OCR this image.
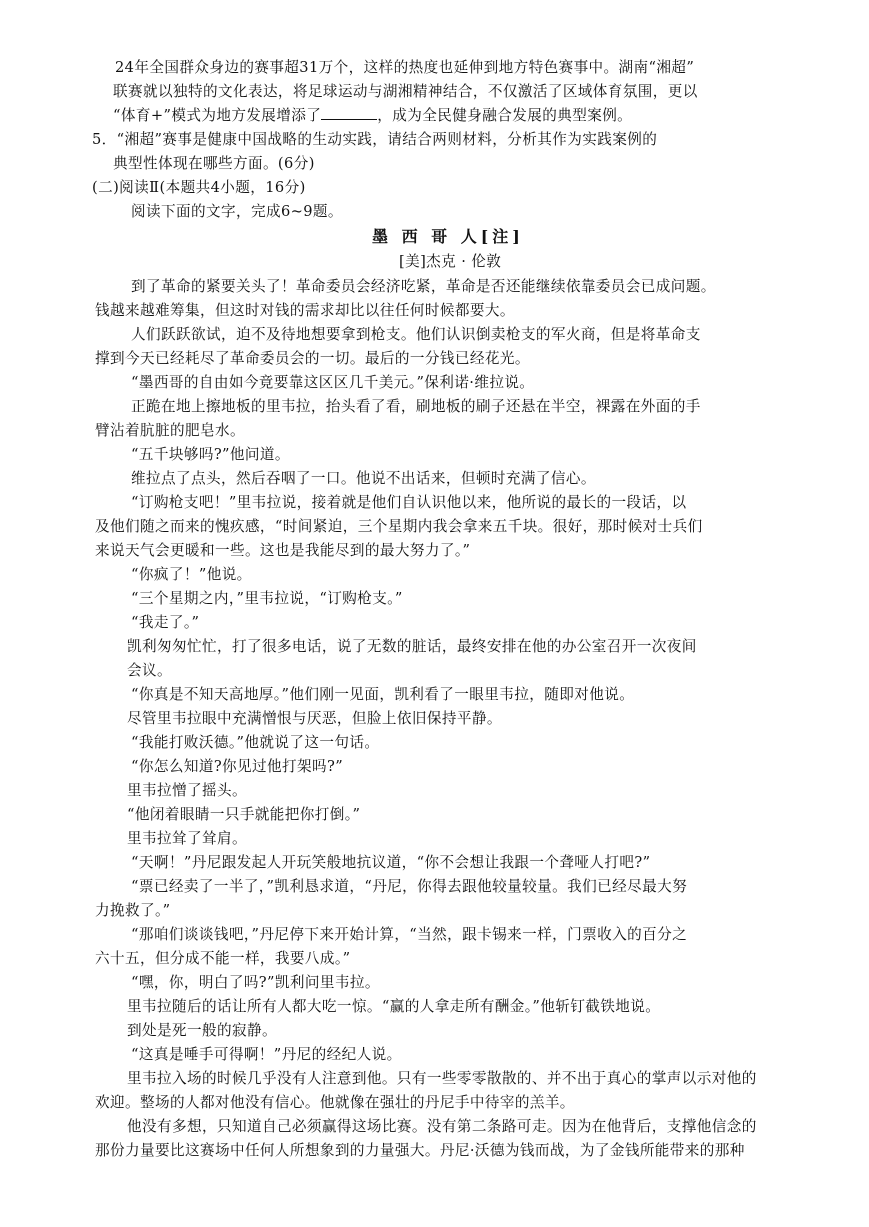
24年全国群众身边的赛事超31万个，这样的热度也延伸到地方特色赛事中。湖南“湘超”
联赛就以独特的文化表达，将足球运动与湖湘精神结合，不仅激活了区域体育氛围，更以
“体育+”模式为地方发展增添了	，成为全民健身融合发展的典型案例。
5．“湘超”赛事是健康中国战略的生动实践，请结合两则材料，分析其作为实践案例的
典型性体现在哪些方面。(6分)
(二)阅读Ⅱ(本题共4小题，16分)
阅读下面的文字，完成6~9题。
墨 西 哥 人[注]
[美]杰克 · 伦敦
到了革命的紧要关头了！革命委员会经济吃紧，革命是否还能继续依靠委员会已成问题。
钱越来越难筹集，但这时对钱的需求却比以往任何时候都要大。
人们跃跃欲试，迫不及待地想要拿到枪支。他们认识倒卖枪支的军火商，但是将革命支
撑到今天已经耗尽了革命委员会的一切。最后的一分钱已经花光。
“墨西哥的自由如今竟要靠这区区几千美元。”保利诺·维拉说。
正跪在地上擦地板的里韦拉，抬头看了看，刷地板的刷子还悬在半空，裸露在外面的手
臂沾着肮脏的肥皂水。
“五千块够吗?”他问道。
维拉点了点头，然后吞咽了一口。他说不出话来，但顿时充满了信心。
“订购枪支吧！”里韦拉说，接着就是他们自认识他以来，他所说的最长的一段话，以
及他们随之而来的愧疚感，“时间紧迫，三个星期内我会拿来五千块。很好，那时候对士兵们
来说天气会更暖和一些。这也是我能尽到的最大努力了。”
“你疯了！”他说。
“三个星期之内，”里韦拉说，“订购枪支。”
“我走了。”
凯利匆匆忙忙，打了很多电话，说了无数的脏话，最终安排在他的办公室召开一次夜间
会议。
“你真是不知天高地厚。”他们刚一见面，凯利看了一眼里韦拉，随即对他说。
尽管里韦拉眼中充满憎恨与厌恶，但脸上依旧保持平静。
“我能打败沃德。”他就说了这一句话。
“你怎么知道?你见过他打架吗?”
里韦拉憎了摇头。
“他闭着眼睛一只手就能把你打倒。”
里韦拉耸了耸肩。
“天啊！”丹尼跟发起人开玩笑般地抗议道，“你不会想让我跟一个聋哑人打吧?”
“票已经卖了一半了，”凯利恳求道，“丹尼，你得去跟他较量较量。我们已经尽最大努
力挽救了。”
“那咱们谈谈钱吧，”丹尼停下来开始计算，“当然，跟卡锡来一样，门票收入的百分之
六十五，但分成不能一样，我要八成。”
“嘿，你，明白了吗?”凯利问里韦拉。
里韦拉随后的话让所有人都大吃一惊。“赢的人拿走所有酬金。”他斩钉截铁地说。
到处是死一般的寂静。
“这真是唾手可得啊！”丹尼的经纪人说。
里韦拉入场的时候几乎没有人注意到他。只有一些零零散散的、并不出于真心的掌声以示对他的
欢迎。整场的人都对他没有信心。他就像在强壮的丹尼手中待宰的羔羊。
他没有多想，只知道自己必须赢得这场比赛。没有第二条路可走。因为在他背后，支撑他信念的
那份力量要比这赛场中任何人所想象到的力量强大。丹尼·沃德为钱而战，为了金钱所能带来的那种
